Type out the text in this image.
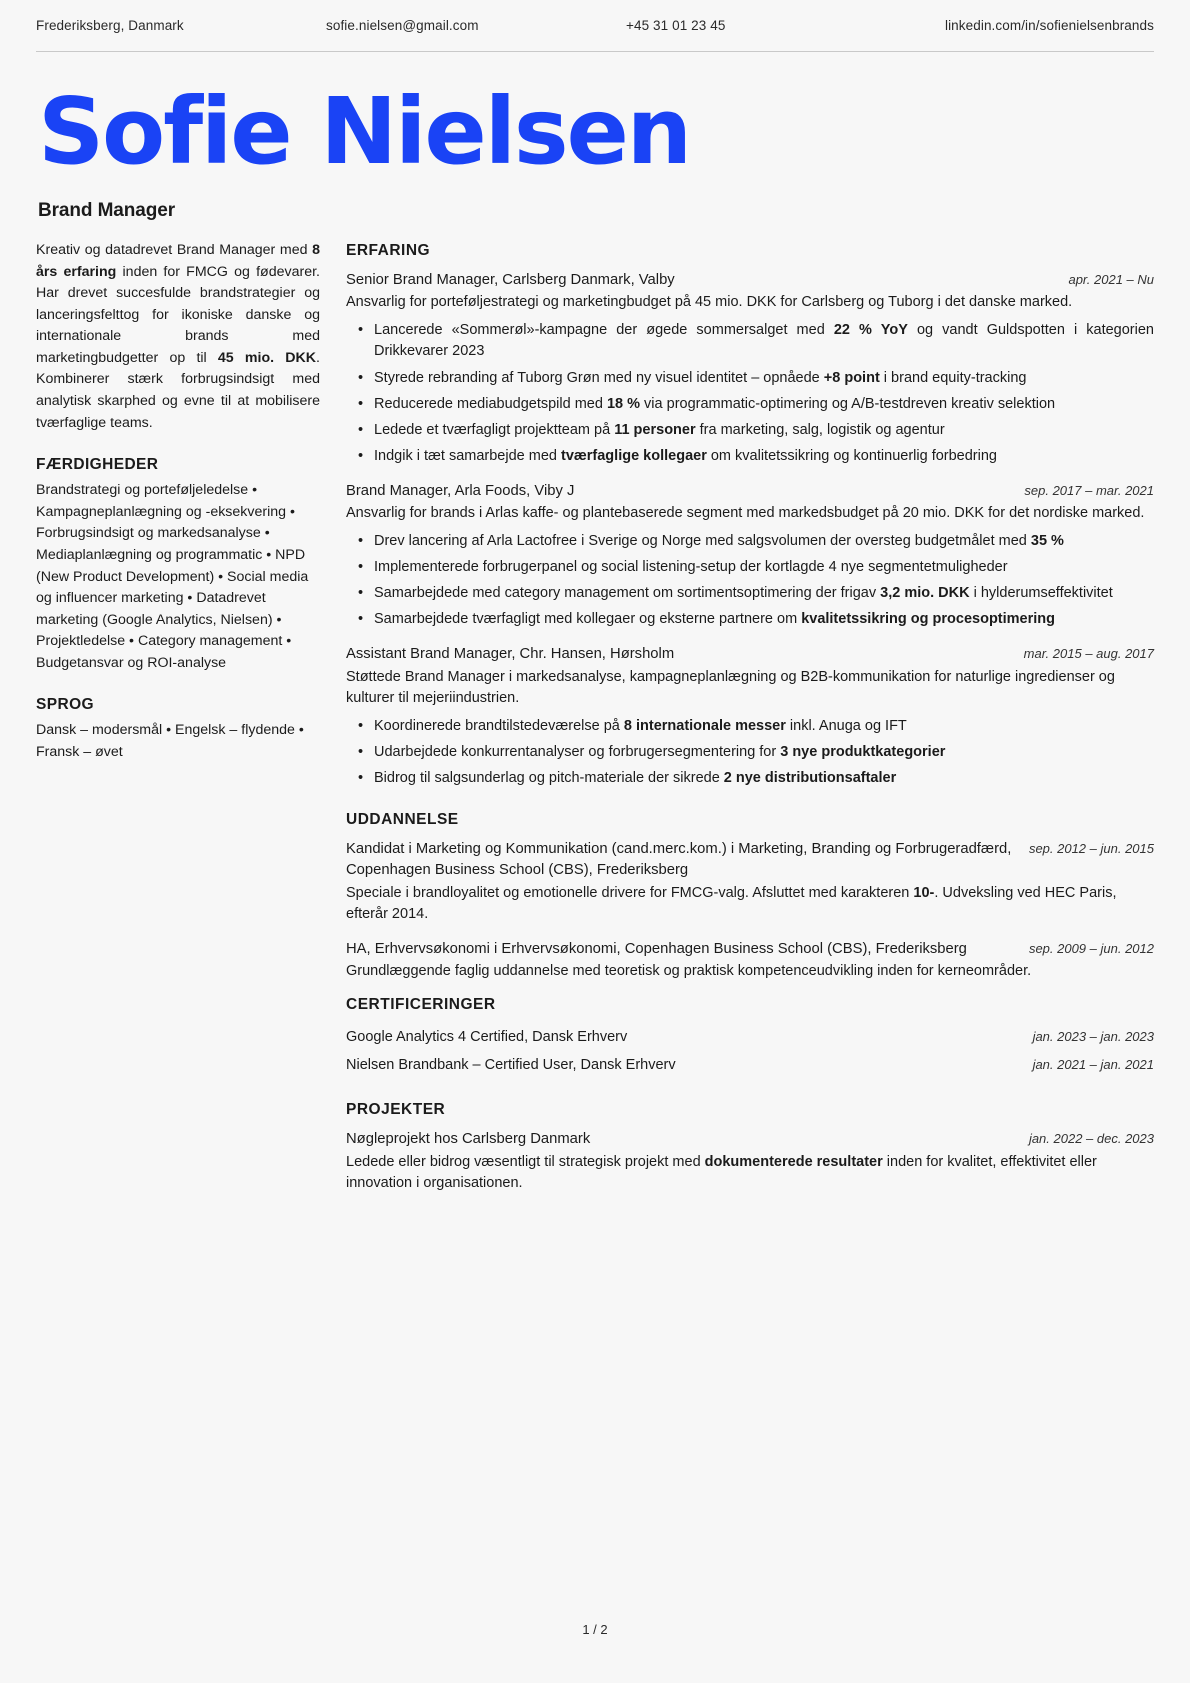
Frederiksberg, Danmark	sofie.nielsen@gmail.com	+45 31 01 23 45	linkedin.com/in/sofienielsenbrands
Sofie Nielsen
Brand Manager
Kreativ og datadrevet Brand Manager med 8 års erfaring inden for FMCG og fødevarer. Har drevet succesfulde brandstrategier og lanceringsfelttog for ikoniske danske og internationale brands med marketingbudgetter op til 45 mio. DKK. Kombinerer stærk forbrugsindsigt med analytisk skarphed og evne til at mobilisere tværfaglige teams.
FÆRDIGHEDER
Brandstrategi og porteføljeledelse • Kampagneplanlægning og -eksekvering • Forbrugsindsigt og markedsanalyse • Mediaplanlægning og programmatic • NPD (New Product Development) • Social media og influencer marketing • Datadrevet marketing (Google Analytics, Nielsen) • Projektledelse • Category management • Budgetansvar og ROI-analyse
SPROG
Dansk – modersmål • Engelsk – flydende • Fransk – øvet
ERFARING
Senior Brand Manager, Carlsberg Danmark, Valby	apr. 2021 – Nu
Ansvarlig for porteføljestrategi og marketingbudget på 45 mio. DKK for Carlsberg og Tuborg i det danske marked.
• Lancerede «Sommerøl»-kampagne der øgede sommersalget med 22 % YoY og vandt Guldspotten i kategorien Drikkevarer 2023
• Styrede rebranding af Tuborg Grøn med ny visuel identitet – opnåede +8 point i brand equity-tracking
• Reducerede mediabudgetspild med 18 % via programmatic-optimering og A/B-testdreven kreativ selektion
• Ledede et tværfagligt projektteam på 11 personer fra marketing, salg, logistik og agentur
• Indgik i tæt samarbejde med tværfaglige kollegaer om kvalitetssikring og kontinuerlig forbedring
Brand Manager, Arla Foods, Viby J	sep. 2017 – mar. 2021
Ansvarlig for brands i Arlas kaffe- og plantebaserede segment med markedsbudget på 20 mio. DKK for det nordiske marked.
• Drev lancering af Arla Lactofree i Sverige og Norge med salgsvolumen der oversteg budgetmålet med 35 %
• Implementerede forbrugerpanel og social listening-setup der kortlagde 4 nye segmentetmuligheder
• Samarbejdede med category management om sortimentsoptimering der frigav 3,2 mio. DKK i hylderumseffektivitet
• Samarbejdede tværfagligt med kollegaer og eksterne partnere om kvalitetssikring og procesoptimering
Assistant Brand Manager, Chr. Hansen, Hørsholm	mar. 2015 – aug. 2017
Støttede Brand Manager i markedsanalyse, kampagneplanlægning og B2B-kommunikation for naturlige ingredienser og kulturer til mejeriindustrien.
• Koordinerede brandtilstedeværelse på 8 internationale messer inkl. Anuga og IFT
• Udarbejdede konkurrentanalyser og forbrugersegmentering for 3 nye produktkategorier
• Bidrog til salgsunderlag og pitch-materiale der sikrede 2 nye distributionsaftaler
UDDANNELSE
Kandidat i Marketing og Kommunikation (cand.merc.kom.) i Marketing, Branding og Forbrugeradfærd, Copenhagen Business School (CBS), Frederiksberg
sep. 2012 – jun. 2015
Speciale i brandloyalitet og emotionelle drivere for FMCG-valg. Afsluttet med karakteren 10-. Udveksling ved HEC Paris, efterår 2014.
HA, Erhvervsøkonomi i Erhvervsøkonomi, Copenhagen Business School (CBS), Frederiksberg	sep. 2009 – jun. 2012
Grundlæggende faglig uddannelse med teoretisk og praktisk kompetenceudvikling inden for kerneområder.
CERTIFICERINGER
Google Analytics 4 Certified, Dansk Erhverv	jan. 2023 – jan. 2023
Nielsen Brandbank – Certified User, Dansk Erhverv	jan. 2021 – jan. 2021
PROJEKTER
Nøgleprojekt hos Carlsberg Danmark	jan. 2022 – dec. 2023
Ledede eller bidrog væsentligt til strategisk projekt med dokumenterede resultater inden for kvalitet, effektivitet eller innovation i organisationen.
1 / 2
